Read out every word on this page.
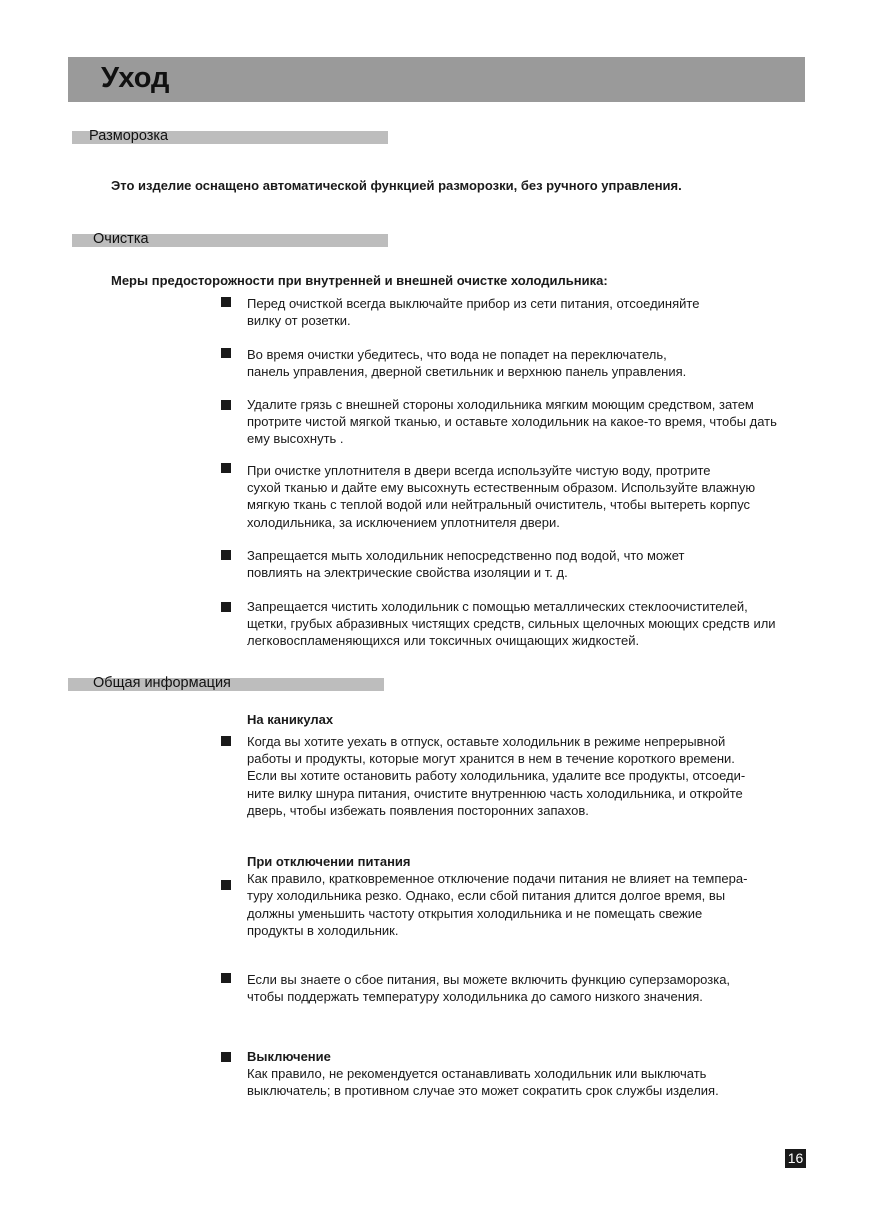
Уход
Разморозка
Это изделие оснащено автоматической функцией разморозки, без ручного управления.
Очистка
Меры предосторожности при внутренней и внешней очистке холодильника:
Перед очисткой всегда выключайте прибор из сети питания, отсоединяйте
вилку от розетки.
Во время очистки убедитесь, что вода не попадет на переключатель,
панель управления, дверной светильник и верхнюю панель управления.
Удалите грязь с внешней стороны холодильника мягким моющим средством, затем
протрите чистой мягкой тканью, и оставьте холодильник на какое-то время, чтобы дать
ему высохнуть .
При очистке уплотнителя в двери всегда используйте чистую воду, протрите
сухой тканью и дайте ему высохнуть естественным образом. Используйте влажную
мягкую ткань с теплой водой или нейтральный очиститель, чтобы вытереть корпус
холодильника, за исключением уплотнителя двери.
Запрещается мыть холодильник непосредственно под водой, что может
повлиять на электрические свойства изоляции и т. д.
Запрещается чистить холодильник с помощью металлических стеклоочистителей,
щетки, грубых абразивных чистящих средств, сильных щелочных моющих средств или
легковоспламеняющихся или токсичных очищающих жидкостей.
Общая информация
На каникулах
Когда вы хотите уехать в отпуск, оставьте холодильник в режиме непрерывной
работы и продукты, которые могут хранится в нем в течение короткого времени.
Если вы хотите остановить работу холодильника, удалите все продукты, отсоеди-
ните вилку шнура питания, очистите внутреннюю часть холодильника, и откройте
дверь, чтобы избежать появления посторонних запахов.
При отключении питания
Как правило, кратковременное отключение подачи питания не влияет на темпера-
туру холодильника резко. Однако, если сбой питания длится долгое время, вы
должны уменьшить частоту открытия холодильника и не помещать свежие
продукты в холодильник.
Если вы знаете о сбое питания, вы можете включить функцию суперзаморозка,
чтобы поддержать температуру холодильника до самого низкого значения.
Выключение
Как правило, не рекомендуется останавливать холодильник или выключать
выключатель; в противном случае это может сократить срок службы изделия.
16
